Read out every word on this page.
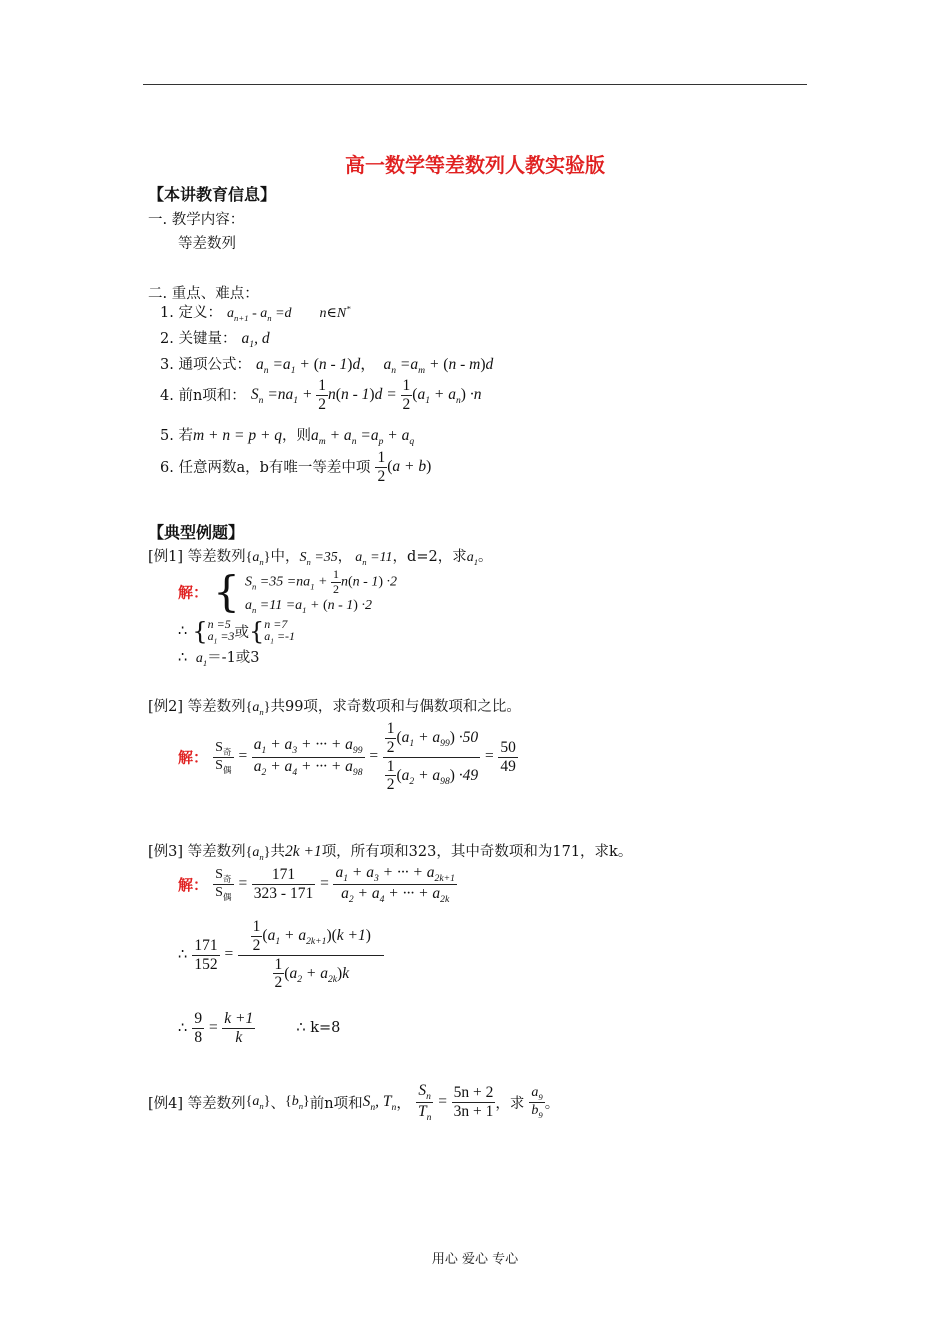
高一数学等差数列人教实验版
【本讲教育信息】
一. 教学内容：
等差数列
二. 重点、难点：
1. 定义： $a_{n+1} - a_n =d$        n∈N*
2. 关键量： $a_1$, d
3. 通项公式： $a_n =a_1 + (n - 1)d$，  $a_n =a_m + (n - m)d$
4. 前n项和： $S_n =na_1 + \frac{1}{2} n(n - 1)d = \frac{1}{2} (a_1 + a_n) \cdot n$
5. 若m + n = p + q，则$a_m + a_n =a_p + a_q$
6. 任意两数a，b有唯一等差中项 $\frac{1}{2} (a + b)$
【典型例题】
[例1] 等差数列$\{a_n\}$中，$S_n =35$， $a_n =11$，d=2，求$a_1$。
解： { $S_n =35 =na_1 + \frac{1}{2} n(n - 1) \cdot 2$
$a_n =11 =a_1 + (n - 1) \cdot 2$
∴ { n =5
$a_1 =3$ 或{ n =7
$a_1 =-1$
∴  $a_1=-1$或3
[例2] 等差数列$\{a_n\}$共99项，求奇数项和与偶数项和之比。
解： $\frac{S_奇}{S_偶} = \frac{a_1 + a_3 + \cdot\cdot\cdot + a_{99}}{a_2 + a_4 + \cdot\cdot\cdot + a_{98}} = \frac{\frac{1}{2} (a_1 + a_{99}) \cdot 50}{\frac{1}{2} (a_2 + a_{98}) \cdot 49} = \frac{50}{49}$
[例3] 等差数列$\{a_n\}$共2k +1项，所有项和323，其中奇数项和为171，求k。
解： $\frac{S_奇}{S_偶} = \frac{171}{323 - 171} = \frac{a_1 + a_3 + \cdot\cdot\cdot + a_{2k+1}}{a_2 + a_4 + \cdot\cdot\cdot + a_{2k}}$
∴ $\frac{171}{152} = \frac{\frac{1}{2} (a_1 + a_{2k+1})(k +1)}{\frac{1}{2} (a_2 + a_{2k})k}$
∴ $\frac{9}{8} = \frac{k +1}{k}$	∴ k=8
[例4] 等差数列$\{a_n\}$、$\{b_n\}$前n项和$S_n$, $T_n$， $\frac{S_n}{T_n} = \frac{5n + 2}{3n + 1}$ ，求 $\frac{a_9}{b_9}$ 。
用心 爱心 专心
